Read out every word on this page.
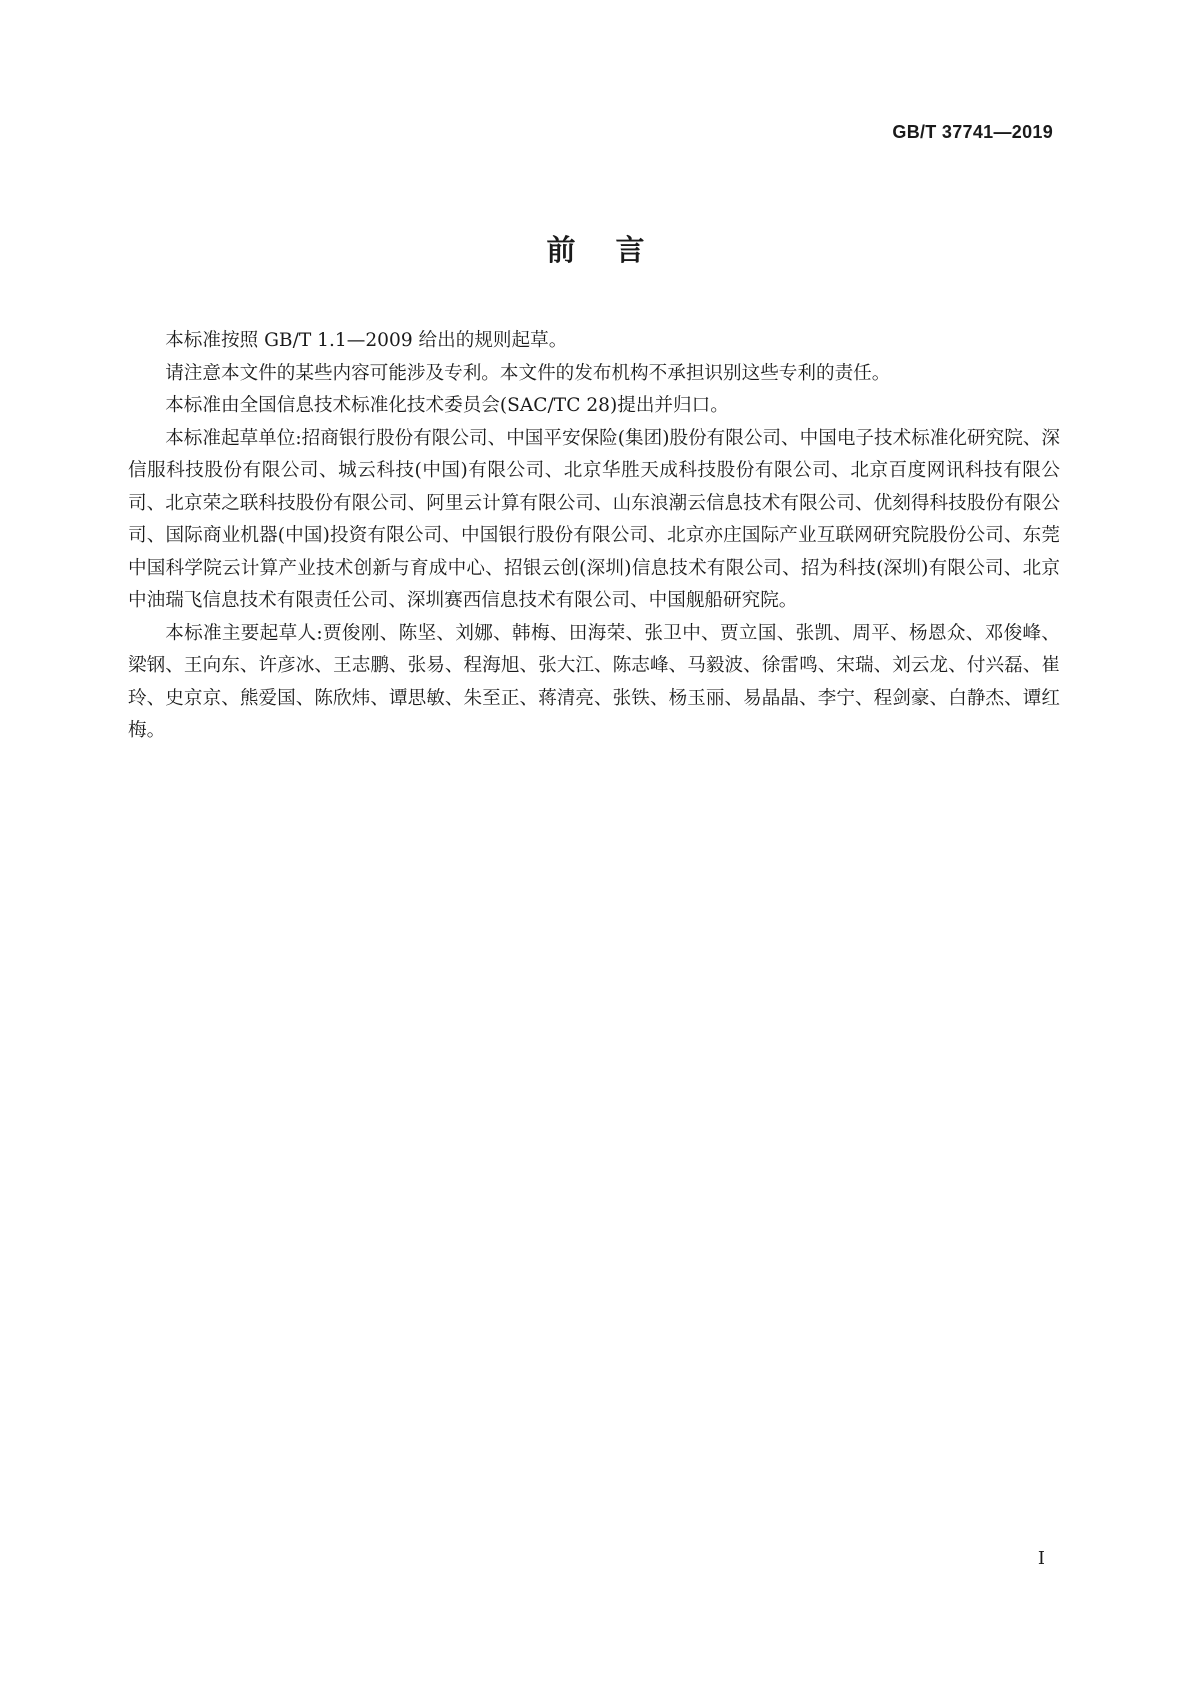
GB/T 37741—2019
前言

本标准按照 GB/T 1.1—2009 给出的规则起草。

请注意本文件的某些内容可能涉及专利。本文件的发布机构不承担识别这些专利的责任。

本标准由全国信息技术标准化技术委员会(SAC/TC 28)提出并归口。

本标准起草单位:招商银行股份有限公司、中国平安保险(集团)股份有限公司、中国电子技术标准化研究院、深信服科技股份有限公司、城云科技(中国)有限公司、北京华胜天成科技股份有限公司、北京百度网讯科技有限公司、北京荣之联科技股份有限公司、阿里云计算有限公司、山东浪潮云信息技术有限公司、优刻得科技股份有限公司、国际商业机器(中国)投资有限公司、中国银行股份有限公司、北京亦庄国际产业互联网研究院股份公司、东莞中国科学院云计算产业技术创新与育成中心、招银云创(深圳)信息技术有限公司、招为科技(深圳)有限公司、北京中油瑞飞信息技术有限责任公司、深圳赛西信息技术有限公司、中国舰船研究院。

本标准主要起草人:贾俊刚、陈坚、刘娜、韩梅、田海荣、张卫中、贾立国、张凯、周平、杨恩众、邓俊峰、梁钢、王向东、许彦冰、王志鹏、张易、程海旭、张大江、陈志峰、马毅波、徐雷鸣、宋瑞、刘云龙、付兴磊、崔玲、史京京、熊爱国、陈欣炜、谭思敏、朱至正、蒋清亮、张铁、杨玉丽、易晶晶、李宁、程剑豪、白静杰、谭红梅。

I
